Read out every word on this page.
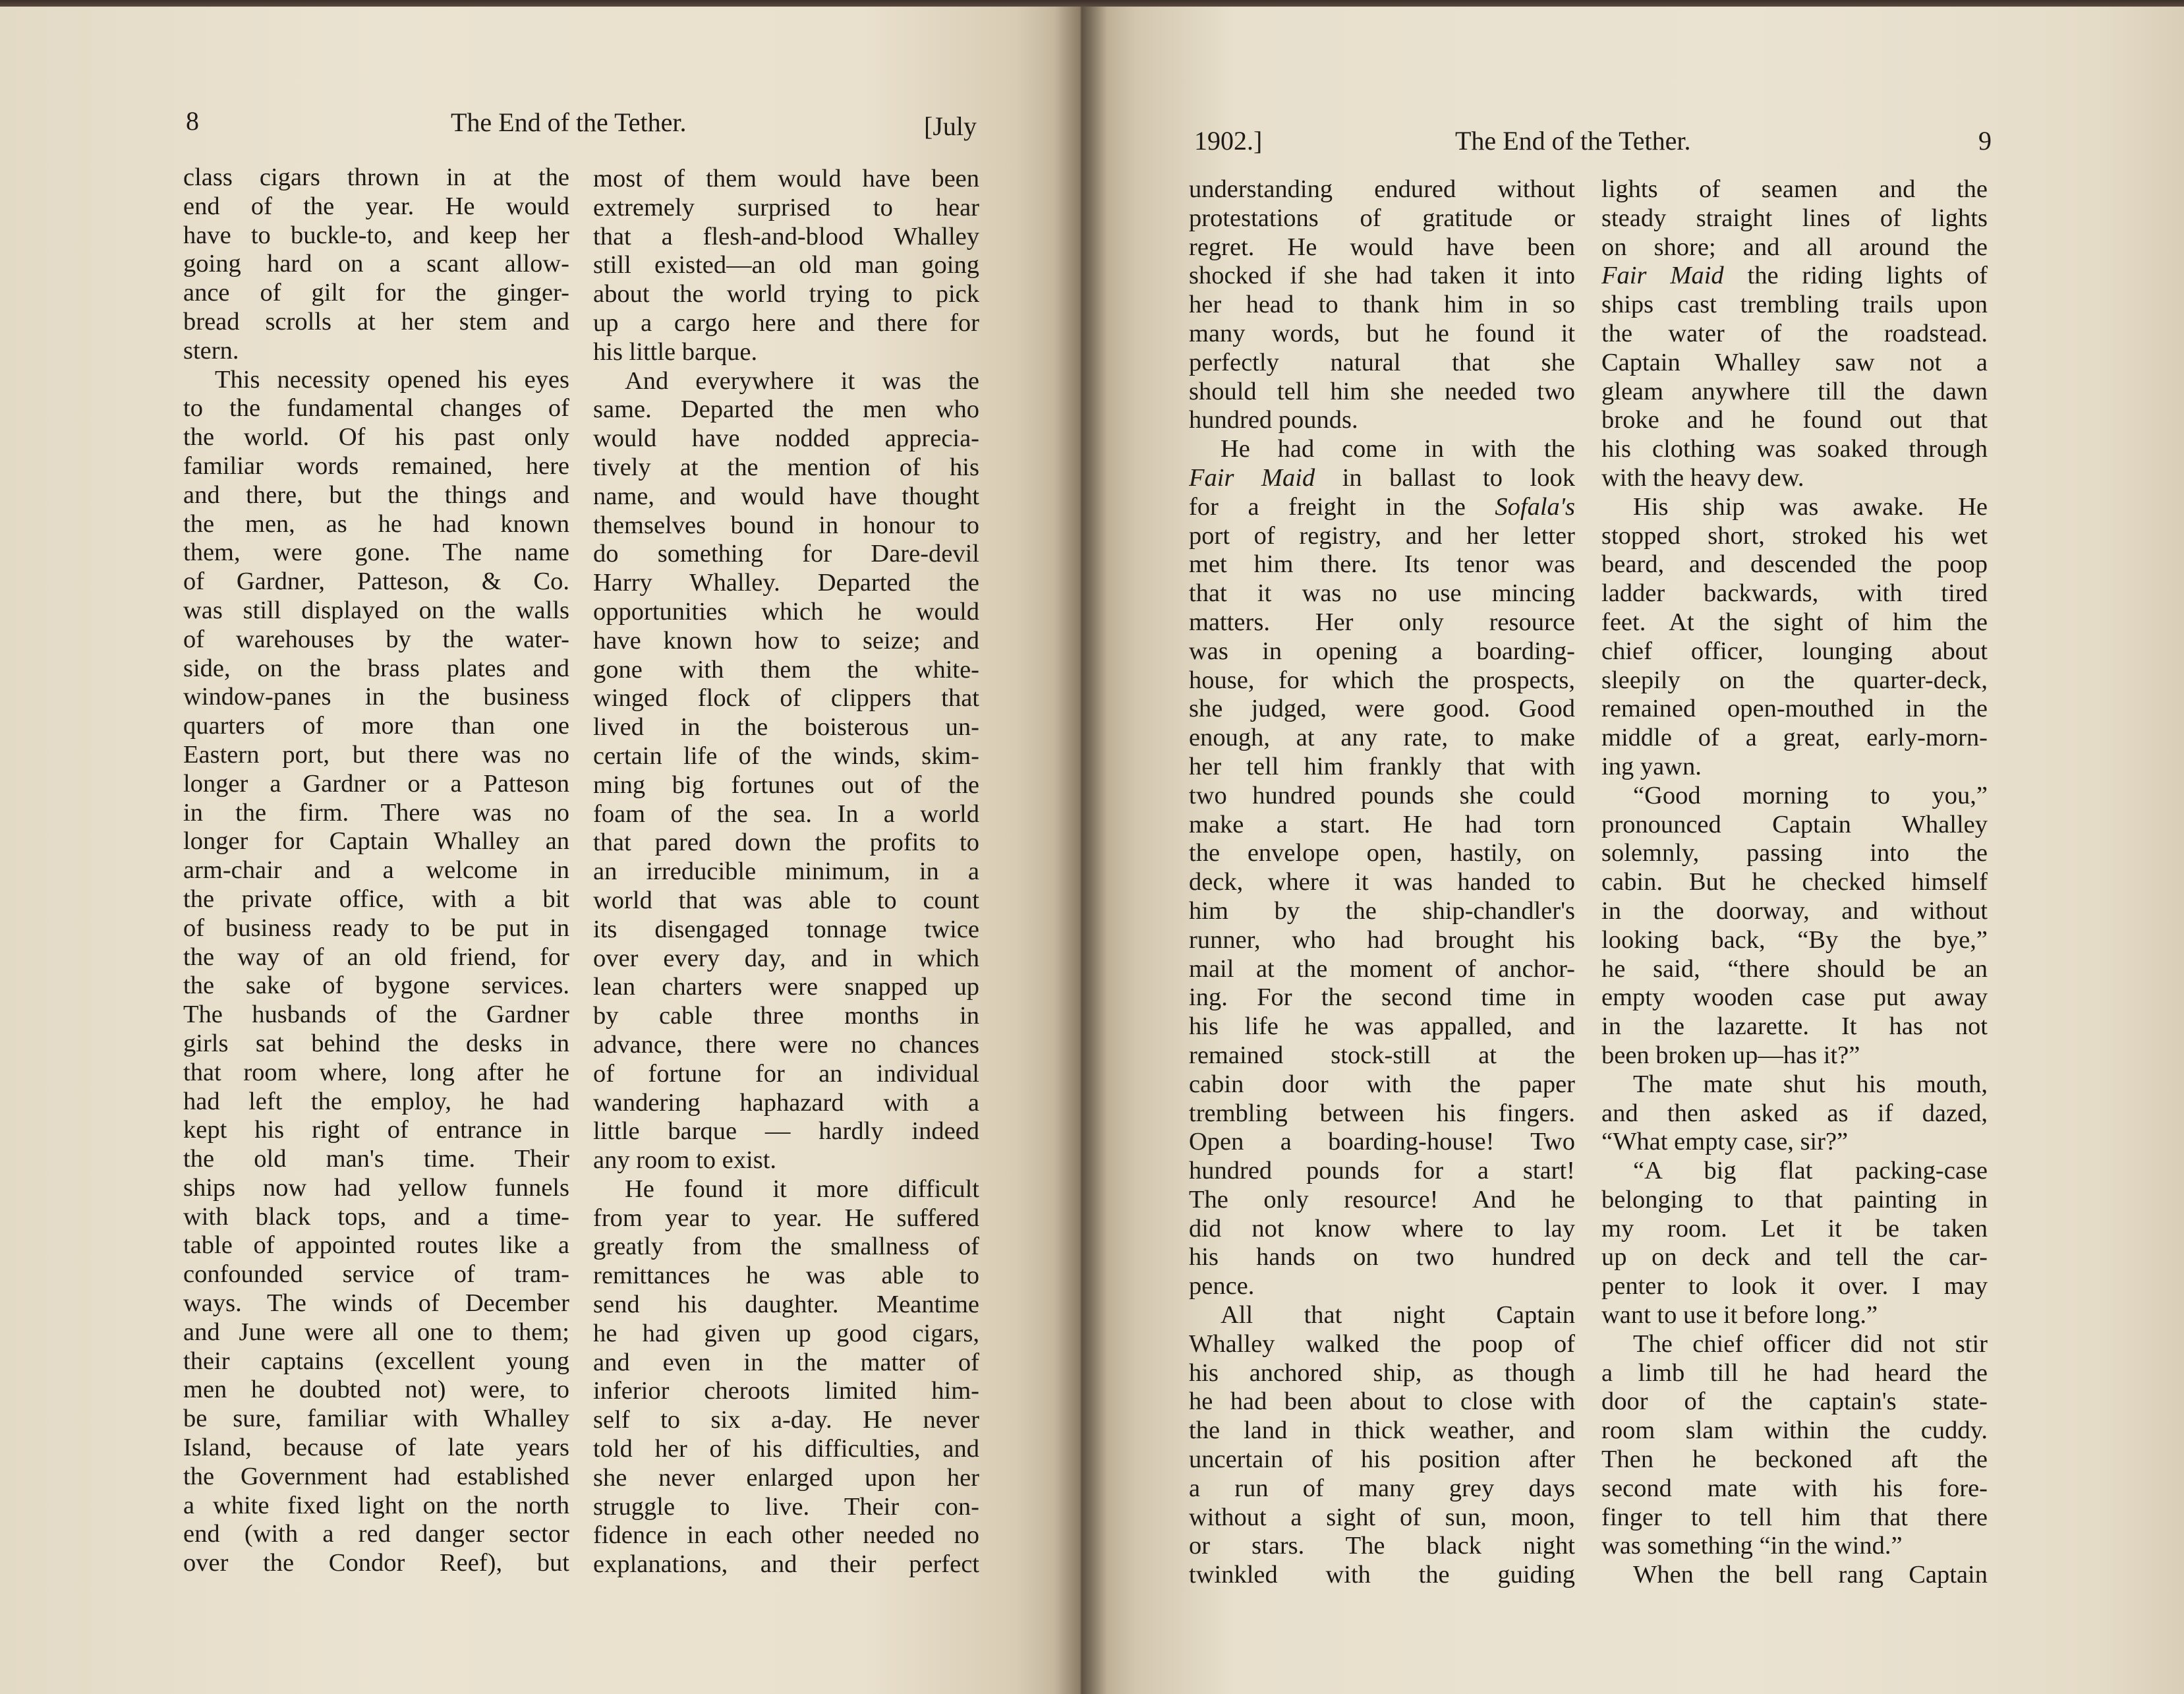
8	The End of the Tether.	[July
class cigars thrown in at the
end of the year. He would
have to buckle-to, and keep her
going hard on a scant allow-
ance of gilt for the ginger-
bread scrolls at her stem and
stern.
This necessity opened his eyes
to the fundamental changes of
the world. Of his past only
familiar words remained, here
and there, but the things and
the men, as he had known
them, were gone. The name
of Gardner, Patteson, & Co.
was still displayed on the walls
of warehouses by the water-
side, on the brass plates and
window-panes in the business
quarters of more than one
Eastern port, but there was no
longer a Gardner or a Patteson
in the firm. There was no
longer for Captain Whalley an
arm-chair and a welcome in
the private office, with a bit
of business ready to be put in
the way of an old friend, for
the sake of bygone services.
The husbands of the Gardner
girls sat behind the desks in
that room where, long after he
had left the employ, he had
kept his right of entrance in
the old man's time. Their
ships now had yellow funnels
with black tops, and a time-
table of appointed routes like a
confounded service of tram-
ways. The winds of December
and June were all one to them;
their captains (excellent young
men he doubted not) were, to
be sure, familiar with Whalley
Island, because of late years
the Government had established
a white fixed light on the north
end (with a red danger sector
over the Condor Reef), but
most of them would have been
extremely surprised to hear
that a flesh-and-blood Whalley
still existed—an old man going
about the world trying to pick
up a cargo here and there for
his little barque.
And everywhere it was the
same. Departed the men who
would have nodded apprecia-
tively at the mention of his
name, and would have thought
themselves bound in honour to
do something for Dare-devil
Harry Whalley. Departed the
opportunities which he would
have known how to seize; and
gone with them the white-
winged flock of clippers that
lived in the boisterous un-
certain life of the winds, skim-
ming big fortunes out of the
foam of the sea. In a world
that pared down the profits to
an irreducible minimum, in a
world that was able to count
its disengaged tonnage twice
over every day, and in which
lean charters were snapped up
by cable three months in
advance, there were no chances
of fortune for an individual
wandering haphazard with a
little barque — hardly indeed
any room to exist.
He found it more difficult
from year to year. He suffered
greatly from the smallness of
remittances he was able to
send his daughter. Meantime
he had given up good cigars,
and even in the matter of
inferior cheroots limited him-
self to six a-day. He never
told her of his difficulties, and
she never enlarged upon her
struggle to live. Their con-
fidence in each other needed no
explanations, and their perfect
1902.]	The End of the Tether.	9
understanding endured without
protestations of gratitude or
regret. He would have been
shocked if she had taken it into
her head to thank him in so
many words, but he found it
perfectly natural that she
should tell him she needed two
hundred pounds.
He had come in with the
Fair Maid in ballast to look
for a freight in the Sofala's
port of registry, and her letter
met him there. Its tenor was
that it was no use mincing
matters. Her only resource
was in opening a boarding-
house, for which the prospects,
she judged, were good. Good
enough, at any rate, to make
her tell him frankly that with
two hundred pounds she could
make a start. He had torn
the envelope open, hastily, on
deck, where it was handed to
him by the ship-chandler's
runner, who had brought his
mail at the moment of anchor-
ing. For the second time in
his life he was appalled, and
remained stock-still at the
cabin door with the paper
trembling between his fingers.
Open a boarding-house! Two
hundred pounds for a start!
The only resource! And he
did not know where to lay
his hands on two hundred
pence.
All that night Captain
Whalley walked the poop of
his anchored ship, as though
he had been about to close with
the land in thick weather, and
uncertain of his position after
a run of many grey days
without a sight of sun, moon,
or stars. The black night
twinkled with the guiding
lights of seamen and the
steady straight lines of lights
on shore; and all around the
Fair Maid the riding lights of
ships cast trembling trails upon
the water of the roadstead.
Captain Whalley saw not a
gleam anywhere till the dawn
broke and he found out that
his clothing was soaked through
with the heavy dew.
His ship was awake. He
stopped short, stroked his wet
beard, and descended the poop
ladder backwards, with tired
feet. At the sight of him the
chief officer, lounging about
sleepily on the quarter-deck,
remained open-mouthed in the
middle of a great, early-morn-
ing yawn.
“Good morning to you,”
pronounced Captain Whalley
solemnly, passing into the
cabin. But he checked himself
in the doorway, and without
looking back, “By the bye,”
he said, “there should be an
empty wooden case put away
in the lazarette. It has not
been broken up—has it?”
The mate shut his mouth,
and then asked as if dazed,
“What empty case, sir?”
“A big flat packing-case
belonging to that painting in
my room. Let it be taken
up on deck and tell the car-
penter to look it over. I may
want to use it before long.”
The chief officer did not stir
a limb till he had heard the
door of the captain's state-
room slam within the cuddy.
Then he beckoned aft the
second mate with his fore-
finger to tell him that there
was something “in the wind.”
When the bell rang Captain
